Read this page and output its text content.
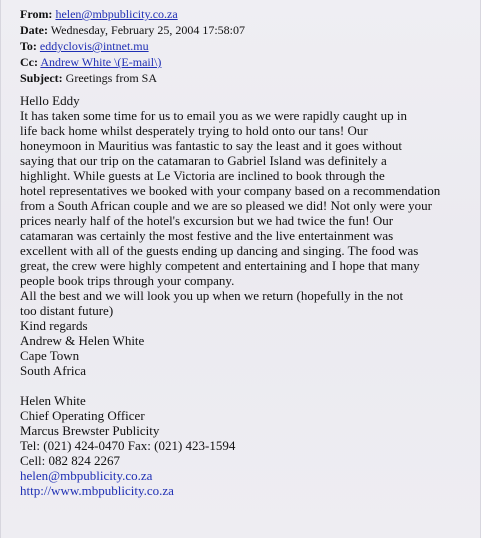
From: helen@mbpublicity.co.za
Date: Wednesday, February 25, 2004 17:58:07
To: eddyclovis@intnet.mu
Cc: Andrew White \(E-mail\)
Subject: Greetings from SA
Hello Eddy
It has taken some time for us to email you as we were rapidly caught up in
life back home whilst desperately trying to hold onto our tans! Our
honeymoon in Mauritius was fantastic to say the least and it goes without
saying that our trip on the catamaran to Gabriel Island was definitely a
highlight. While guests at Le Victoria are inclined to book through the
hotel representatives we booked with your company based on a recommendation
from a South African couple and we are so pleased we did! Not only were your
prices nearly half of the hotel's excursion but we had twice the fun! Our
catamaran was certainly the most festive and the live entertainment was
excellent with all of the guests ending up dancing and singing. The food was
great, the crew were highly competent and entertaining and I hope that many
people book trips through your company.
All the best and we will look you up when we return (hopefully in the not
too distant future)
Kind regards
Andrew & Helen White
Cape Town
South Africa
Helen White
Chief Operating Officer
Marcus Brewster Publicity
Tel: (021) 424-0470 Fax: (021) 423-1594
Cell: 082 824 2267
helen@mbpublicity.co.za
http://www.mbpublicity.co.za
